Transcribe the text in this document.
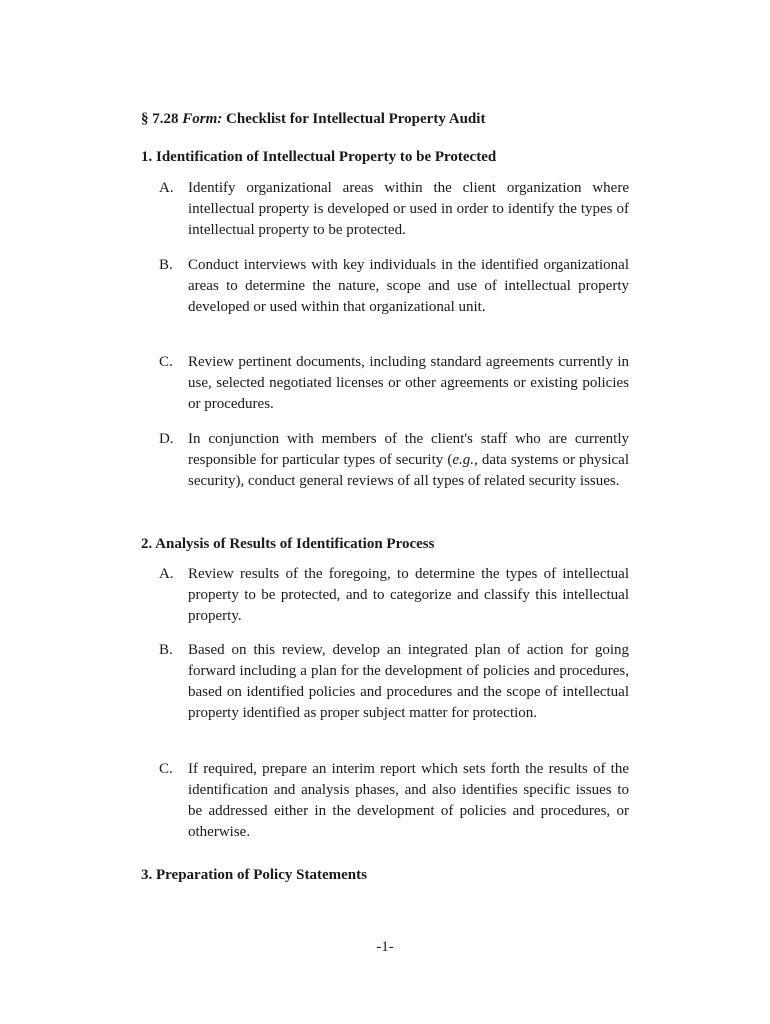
§ 7.28 Form: Checklist for Intellectual Property Audit
1. Identification of Intellectual Property to be Protected
A. Identify organizational areas within the client organization where intellectual property is developed or used in order to identify the types of intellectual property to be protected.
B. Conduct interviews with key individuals in the identified organizational areas to determine the nature, scope and use of intellectual property developed or used within that organizational unit.
C. Review pertinent documents, including standard agreements currently in use, selected negotiated licenses or other agreements or existing policies or procedures.
D. In conjunction with members of the client's staff who are currently responsible for particular types of security (e.g., data systems or physical security), conduct general reviews of all types of related security issues.
2. Analysis of Results of Identification Process
A. Review results of the foregoing, to determine the types of intellectual property to be protected, and to categorize and classify this intellectual property.
B. Based on this review, develop an integrated plan of action for going forward including a plan for the development of policies and procedures, based on identified policies and procedures and the scope of intellectual property identified as proper subject matter for protection.
C. If required, prepare an interim report which sets forth the results of the identification and analysis phases, and also identifies specific issues to be addressed either in the development of policies and procedures, or otherwise.
3. Preparation of Policy Statements
-1-
